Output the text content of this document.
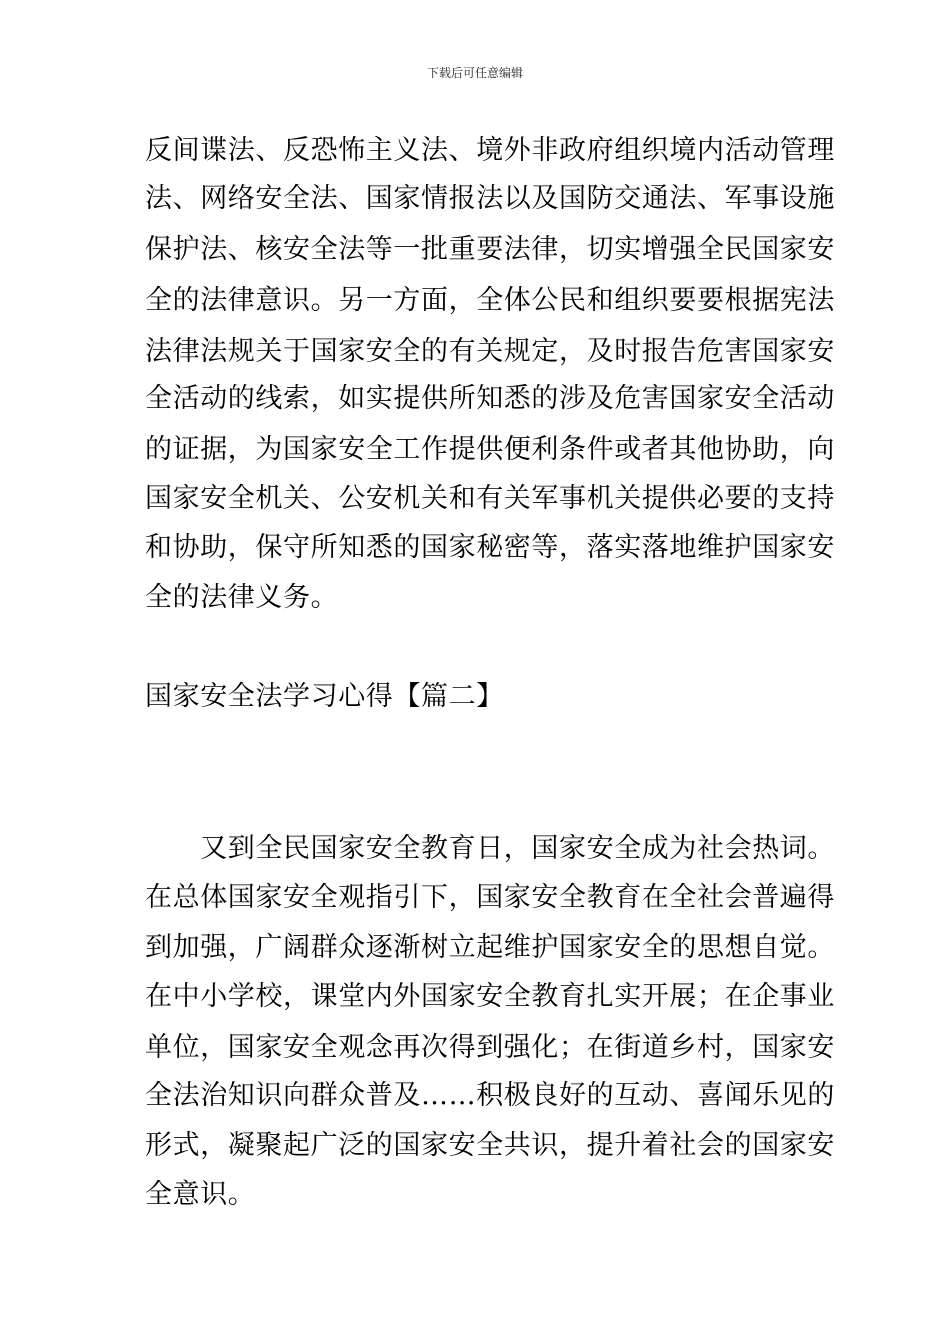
下载后可任意编辑
反间谍法、反恐怖主义法、境外非政府组织境内活动管理
法、网络安全法、国家情报法以及国防交通法、军事设施
保护法、核安全法等一批重要法律，切实增强全民国家安
全的法律意识。另一方面，全体公民和组织要要根据宪法
法律法规关于国家安全的有关规定，及时报告危害国家安
全活动的线索，如实提供所知悉的涉及危害国家安全活动
的证据，为国家安全工作提供便利条件或者其他协助，向
国家安全机关、公安机关和有关军事机关提供必要的支持
和协助，保守所知悉的国家秘密等，落实落地维护国家安
全的法律义务。
国家安全法学习心得【篇二】
　　又到全民国家安全教育日，国家安全成为社会热词。
在总体国家安全观指引下，国家安全教育在全社会普遍得
到加强，广阔群众逐渐树立起维护国家安全的思想自觉。
在中小学校，课堂内外国家安全教育扎实开展；在企事业
单位，国家安全观念再次得到强化；在街道乡村，国家安
全法治知识向群众普及……积极良好的互动、喜闻乐见的
形式，凝聚起广泛的国家安全共识，提升着社会的国家安
全意识。
